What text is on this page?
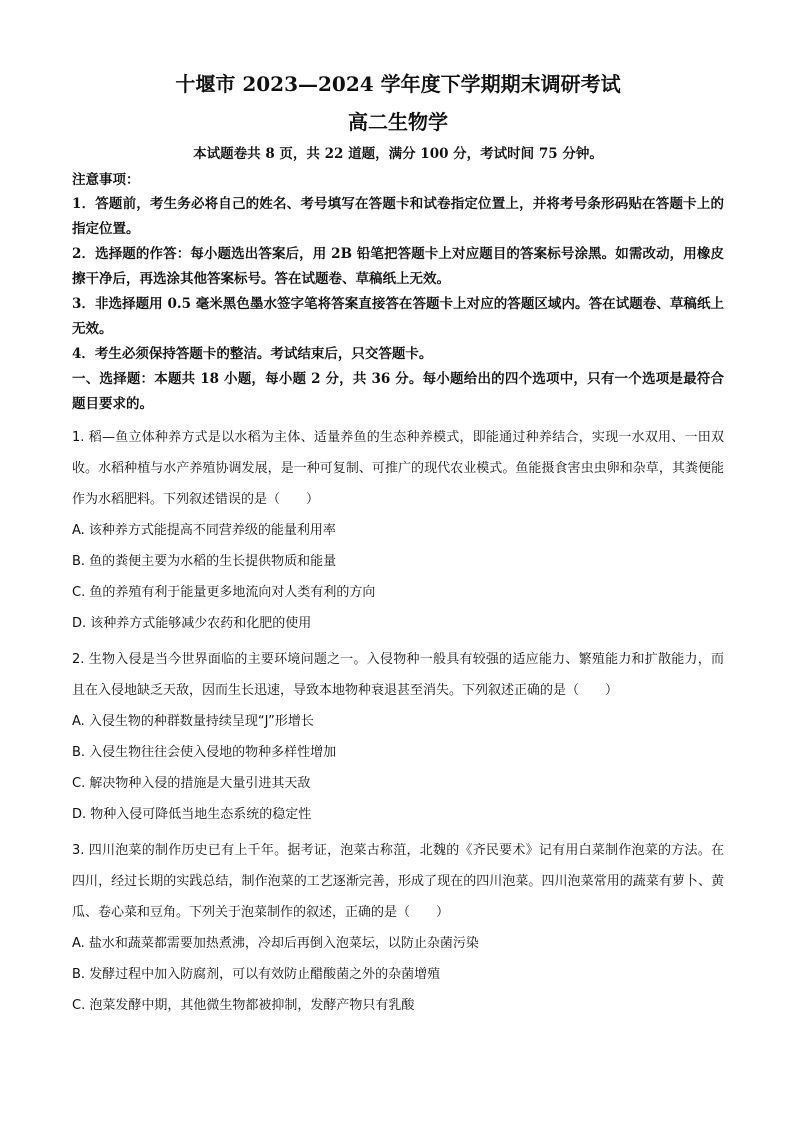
十堰市 2023—2024 学年度下学期期末调研考试
高二生物学

本试题卷共 8 页，共 22 道题，满分 100 分，考试时间 75 分钟。

注意事项：

1．答题前，考生务必将自己的姓名、考号填写在答题卡和试卷指定位置上，并将考号条形码贴在答题卡上的指定位置。

2．选择题的作答：每小题选出答案后，用 2B 铅笔把答题卡上对应题目的答案标号涂黑。如需改动，用橡皮擦干净后，再选涂其他答案标号。答在试题卷、草稿纸上无效。

3．非选择题用 0.5 毫米黑色墨水签字笔将答案直接答在答题卡上对应的答题区域内。答在试题卷、草稿纸上无效。

4．考生必须保持答题卡的整洁。考试结束后，只交答题卡。

一、选择题：本题共 18 小题，每小题 2 分，共 36 分。每小题给出的四个选项中，只有一个选项是最符合题目要求的。

1. 稻—鱼立体种养方式是以水稻为主体、适量养鱼的生态种养模式，即能通过种养结合，实现一水双用、一田双收。水稻种植与水产养殖协调发展，是一种可复制、可推广的现代农业模式。鱼能摄食害虫虫卵和杂草，其粪便能作为水稻肥料。下列叙述错误的是（　　）

A. 该种养方式能提高不同营养级的能量利用率

B. 鱼的粪便主要为水稻的生长提供物质和能量

C. 鱼的养殖有利于能量更多地流向对人类有利的方向

D. 该种养方式能够减少农药和化肥的使用

2. 生物入侵是当今世界面临的主要环境问题之一。入侵物种一般具有较强的适应能力、繁殖能力和扩散能力，而且在入侵地缺乏天敌，因而生长迅速，导致本地物种衰退甚至消失。下列叙述正确的是（　　）

A. 入侵生物的种群数量持续呈现“J”形增长

B. 入侵生物往往会使入侵地的物种多样性增加

C. 解决物种入侵的措施是大量引进其天敌

D. 物种入侵可降低当地生态系统的稳定性

3. 四川泡菜的制作历史已有上千年。据考证，泡菜古称菹，北魏的《齐民要术》记有用白菜制作泡菜的方法。在四川，经过长期的实践总结，制作泡菜的工艺逐渐完善，形成了现在的四川泡菜。四川泡菜常用的蔬菜有萝卜、黄瓜、卷心菜和豆角。下列关于泡菜制作的叙述，正确的是（　　）

A. 盐水和蔬菜都需要加热煮沸，冷却后再倒入泡菜坛，以防止杂菌污染

B. 发酵过程中加入防腐剂，可以有效防止醋酸菌之外的杂菌增殖

C. 泡菜发酵中期，其他微生物都被抑制，发酵产物只有乳酸
